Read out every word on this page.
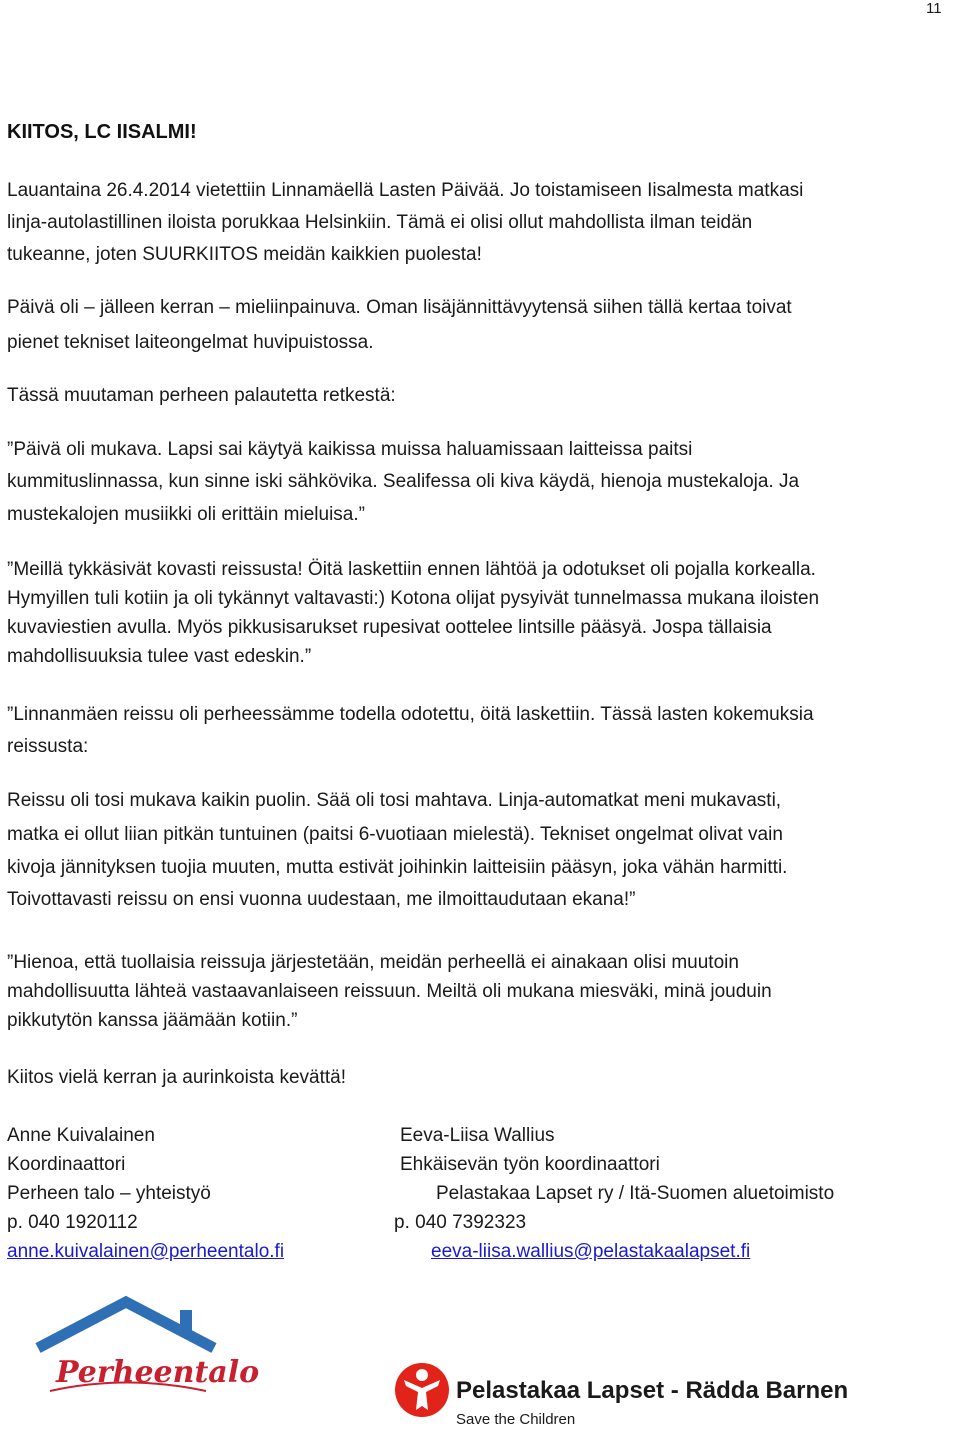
11
KIITOS, LC IISALMI!
Lauantaina 26.4.2014 vietettiin Linnamäellä Lasten Päivää. Jo toistamiseen Iisalmesta matkasi
linja-autolastillinen iloista porukkaa Helsinkiin. Tämä ei olisi ollut mahdollista ilman teidän
tukeanne, joten SUURKIITOS meidän kaikkien puolesta!
Päivä oli – jälleen kerran – mieliinpainuva. Oman lisäjännittävyytensä siihen tällä kertaa toivat
pienet tekniset laiteongelmat huvipuistossa.
Tässä muutaman perheen palautetta retkestä:
”Päivä oli mukava. Lapsi sai käytyä kaikissa muissa haluamissaan laitteissa paitsi
kummituslinnassa, kun sinne iski sähkövika. Sealifessa oli kiva käydä, hienoja mustekaloja. Ja
mustekalojen musiikki oli erittäin mieluisa.”
”Meillä tykkäsivät kovasti reissusta! Öitä laskettiin ennen lähtöä ja odotukset oli pojalla korkealla.
Hymyillen tuli kotiin ja oli tykännyt valtavasti:) Kotona olijat pysyivät tunnelmassa mukana iloisten
kuvaviestien avulla. Myös pikkusisarukset rupesivat oottelee lintsille pääsyä. Jospa tällaisia
mahdollisuuksia tulee vast edeskin.”
”Linnanmäen reissu oli perheessämme todella odotettu, öitä laskettiin. Tässä lasten kokemuksia
reissusta:
Reissu oli tosi mukava kaikin puolin. Sää oli tosi mahtava. Linja-automatkat meni mukavasti,
matka ei ollut liian pitkän tuntuinen (paitsi 6-vuotiaan mielestä). Tekniset ongelmat olivat vain
kivoja jännityksen tuojia muuten, mutta estivät joihinkin laitteisiin pääsyn, joka vähän harmitti.
Toivottavasti reissu on ensi vuonna uudestaan, me ilmoittaudutaan ekana!”
”Hienoa, että tuollaisia reissuja järjestetään, meidän perheellä ei ainakaan olisi muutoin
mahdollisuutta lähteä vastaavanlaiseen reissuun. Meiltä oli mukana miesväki, minä jouduin
pikkutytön kanssa jäämään kotiin.”
Kiitos vielä kerran ja aurinkoista kevättä!
Anne Kuivalainen
Koordinaattori
Perheen talo – yhteistyö
p. 040 1920112
anne.kuivalainen@perheentalo.fi
Eeva-Liisa Wallius
Ehkäisevän työn koordinaattori
Pelastakaa Lapset ry / Itä-Suomen aluetoimisto
p. 040 7392323
eeva-liisa.wallius@pelastakaalapset.fi
Perheentalo
Pelastakaa Lapset - Rädda Barnen
Save the Children
